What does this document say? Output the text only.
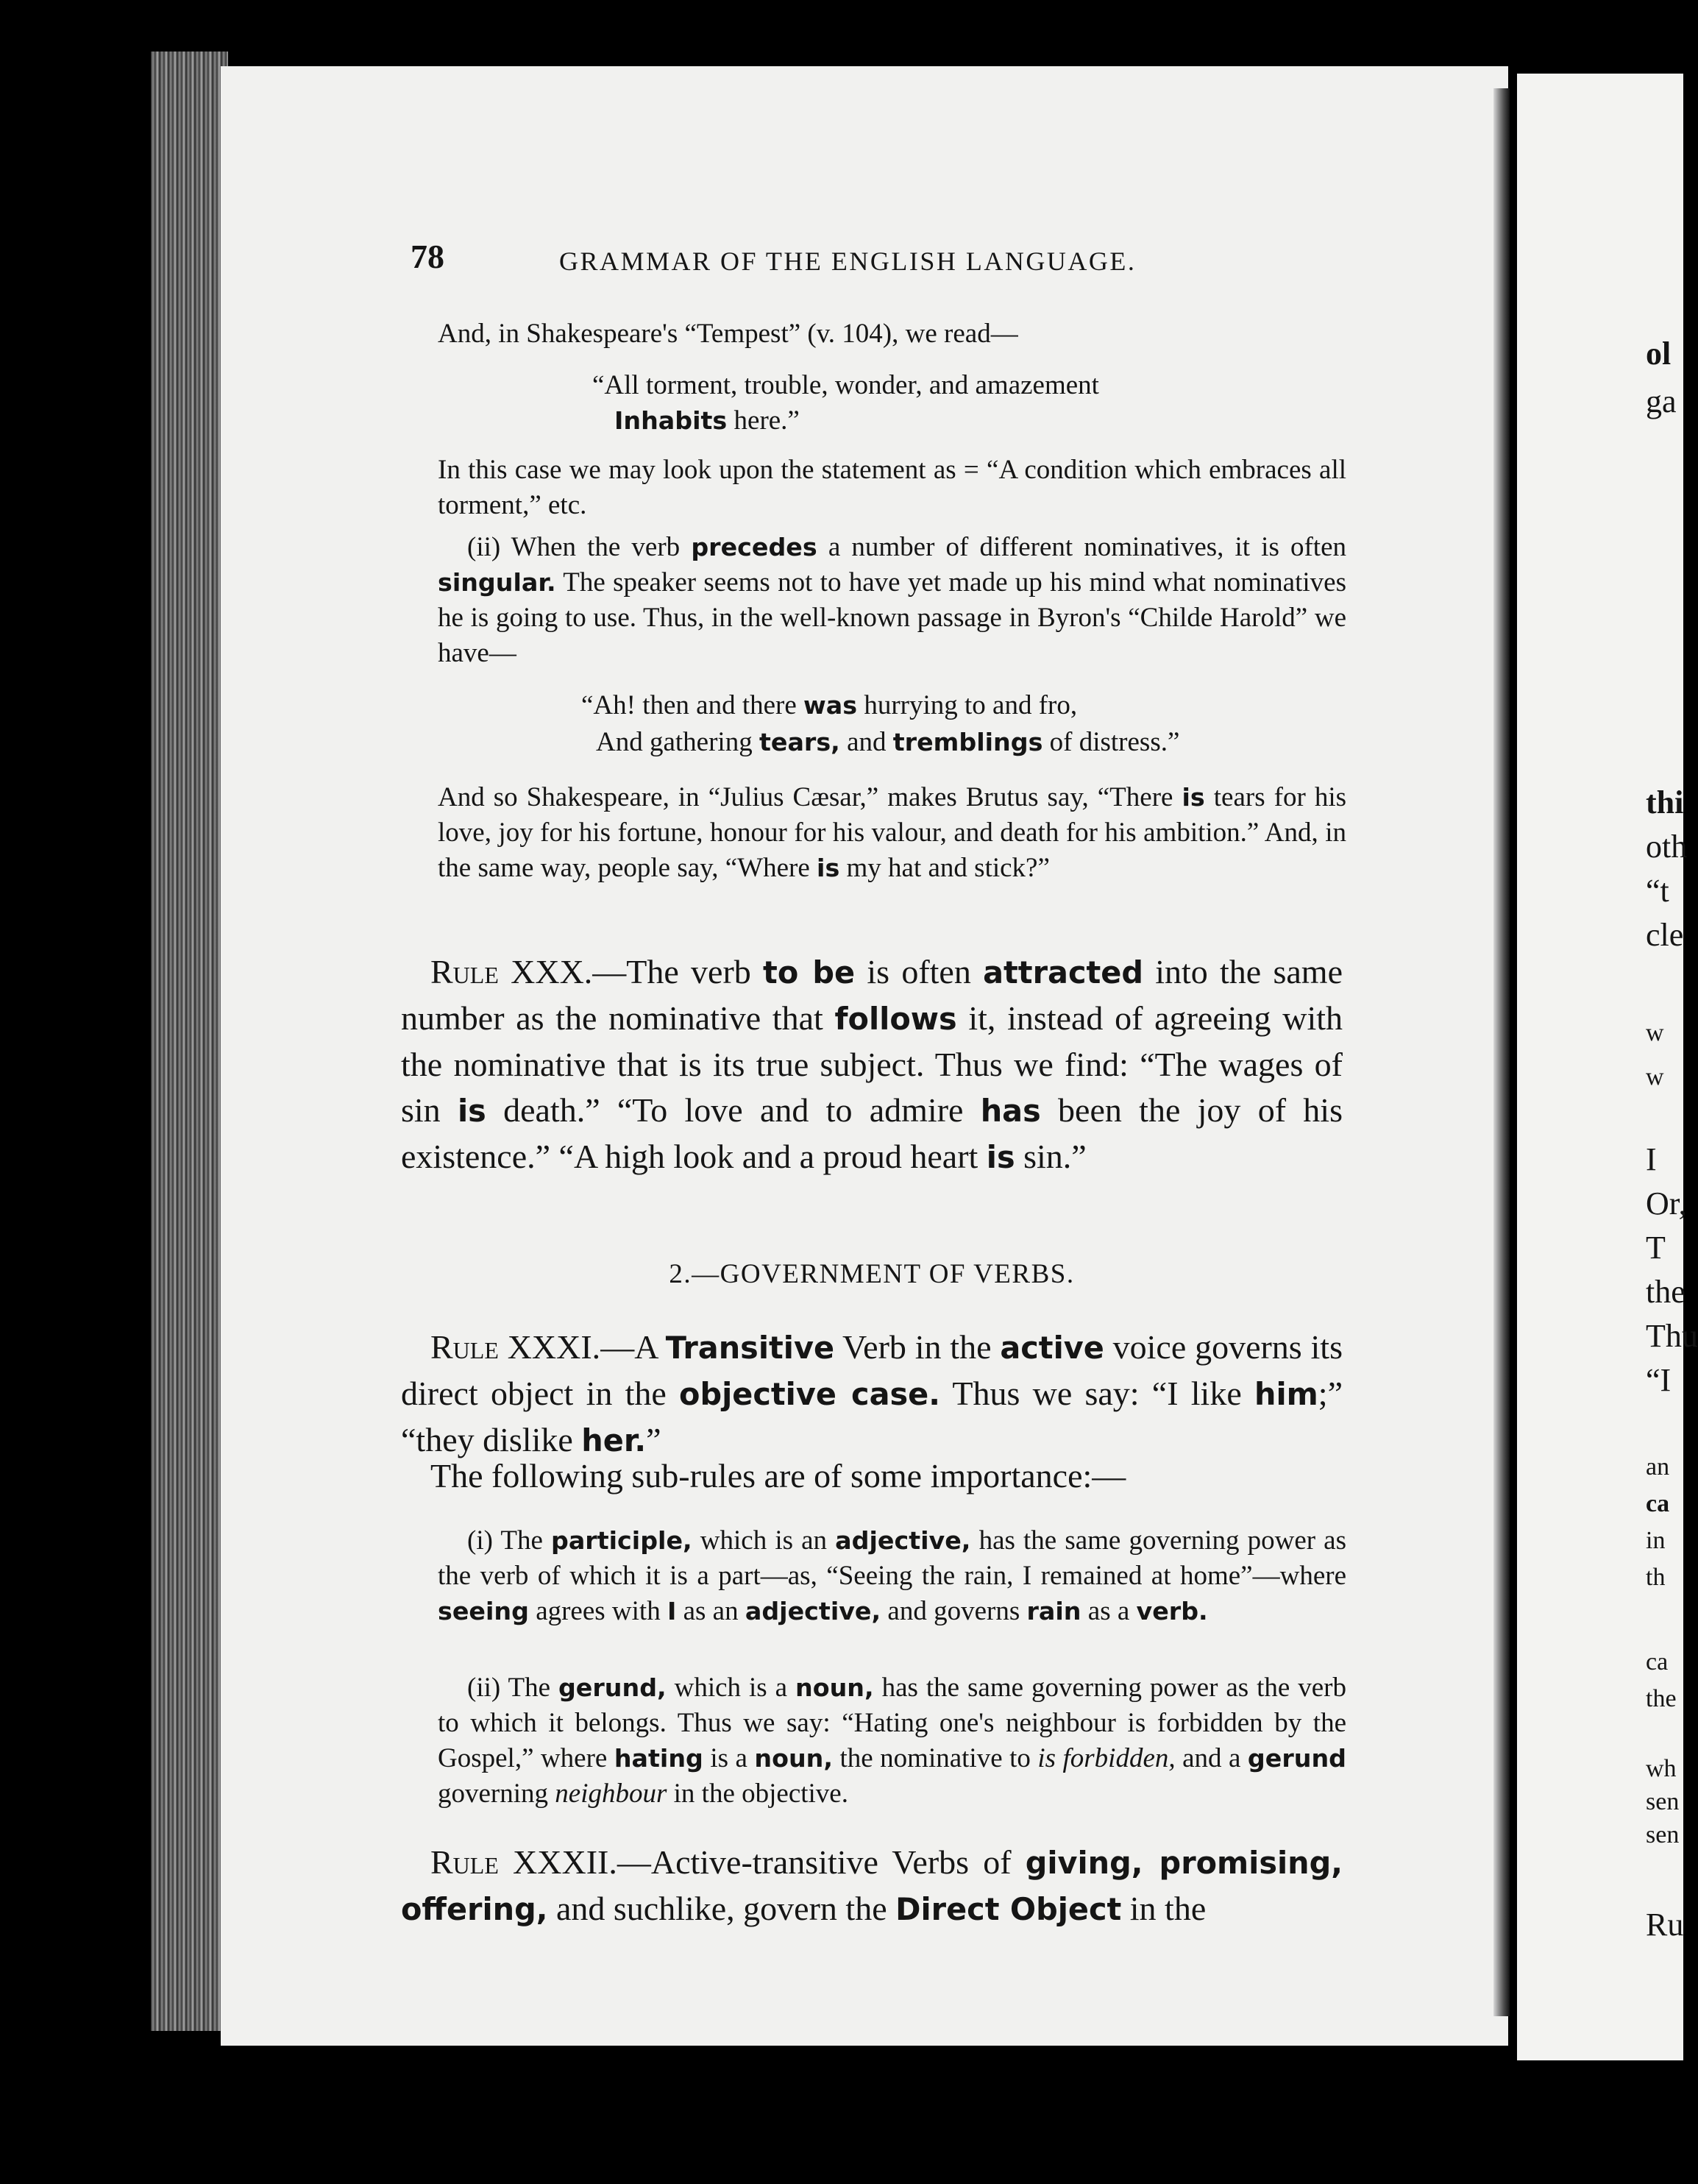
ol
ga
thi
oth
“t
cle
w
w
I
Or,
T
the
Thu
“I
an
ca
in
th
ca
the
wh
sen
sen
Ru
78	GRAMMAR OF THE ENGLISH LANGUAGE.
And, in Shakespeare's “Tempest” (v. 104), we read—
“All torment, trouble, wonder, and amazement
Inhabits here.”
In this case we may look upon the statement as = “A condition which embraces all torment,” etc.
(ii) When the verb precedes a number of different nominatives, it is often singular. The speaker seems not to have yet made up his mind what nominatives he is going to use. Thus, in the well-known passage in Byron's “Childe Harold” we have—
“Ah! then and there was hurrying to and fro,
And gathering tears, and tremblings of distress.”
And so Shakespeare, in “Julius Cæsar,” makes Brutus say, “There is tears for his love, joy for his fortune, honour for his valour, and death for his ambition.” And, in the same way, people say, “Where is my hat and stick?”
Rule XXX.—The verb to be is often attracted into the same number as the nominative that follows it, instead of agreeing with the nominative that is its true subject. Thus we find: “The wages of sin is death.” “To love and to admire has been the joy of his existence.” “A high look and a proud heart is sin.”
2.—GOVERNMENT OF VERBS.
Rule XXXI.—A Transitive Verb in the active voice governs its direct object in the objective case. Thus we say: “I like him;” “they dislike her.”
The following sub-rules are of some importance:—
(i) The participle, which is an adjective, has the same governing power as the verb of which it is a part—as, “Seeing the rain, I remained at home”—where seeing agrees with I as an adjective, and governs rain as a verb.
(ii) The gerund, which is a noun, has the same governing power as the verb to which it belongs. Thus we say: “Hating one's neighbour is forbidden by the Gospel,” where hating is a noun, the nominative to is forbidden, and a gerund governing neighbour in the objective.
Rule XXXII.—Active-transitive Verbs of giving, promising, offering, and suchlike, govern the Direct Object in the
